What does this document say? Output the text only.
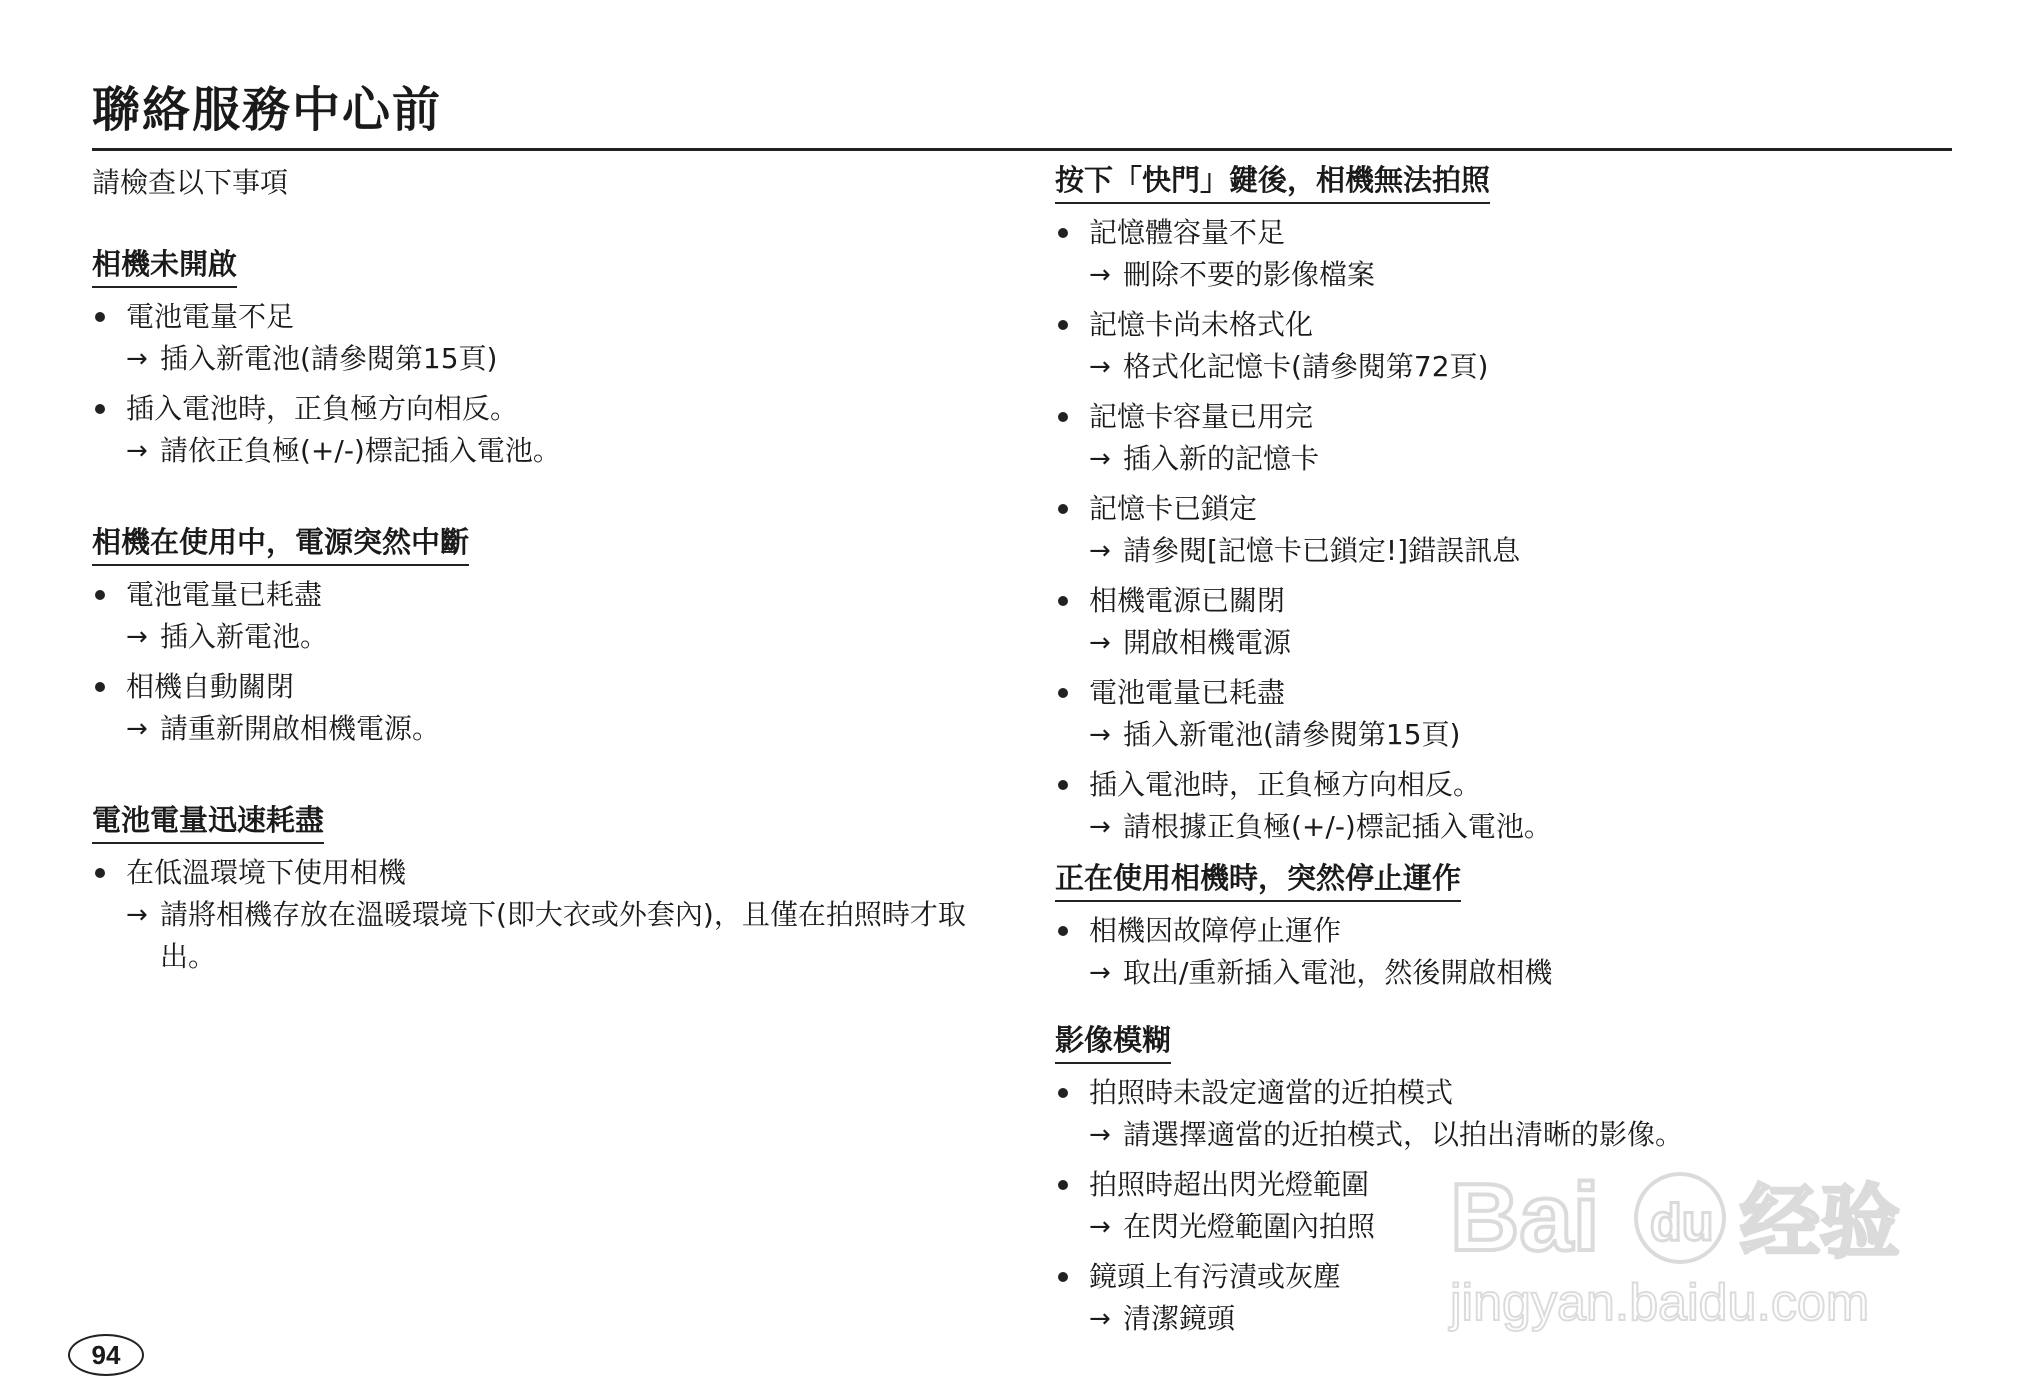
聯絡服務中心前

請檢查以下事項

相機未開啟
電池電量不足
→ 插入新電池(請參閱第15頁)
插入電池時，正負極方向相反。
→ 請依正負極(+/-)標記插入電池。
相機在使用中，電源突然中斷
電池電量已耗盡
→ 插入新電池。
相機自動關閉
→ 請重新開啟相機電源。
電池電量迅速耗盡
在低溫環境下使用相機
→ 請將相機存放在溫暖環境下(即大衣或外套內)，且僅在拍照時才取出。
按下「快門」鍵後，相機無法拍照
記憶體容量不足
→ 刪除不要的影像檔案
記憶卡尚未格式化
→ 格式化記憶卡(請參閱第72頁)
記憶卡容量已用完
→ 插入新的記憶卡
記憶卡已鎖定
→ 請參閱[記憶卡已鎖定!]錯誤訊息
相機電源已關閉
→ 開啟相機電源
電池電量已耗盡
→ 插入新電池(請參閱第15頁)
插入電池時，正負極方向相反。
→ 請根據正負極(+/-)標記插入電池。
正在使用相機時，突然停止運作
相機因故障停止運作
→ 取出/重新插入電池，然後開啟相機
影像模糊
拍照時未設定適當的近拍模式
→ 請選擇適當的近拍模式，以拍出清晰的影像。
拍照時超出閃光燈範圍
→ 在閃光燈範圍內拍照
鏡頭上有污漬或灰塵
→ 清潔鏡頭
94
Bai du 经验
jingyan.baidu.com
